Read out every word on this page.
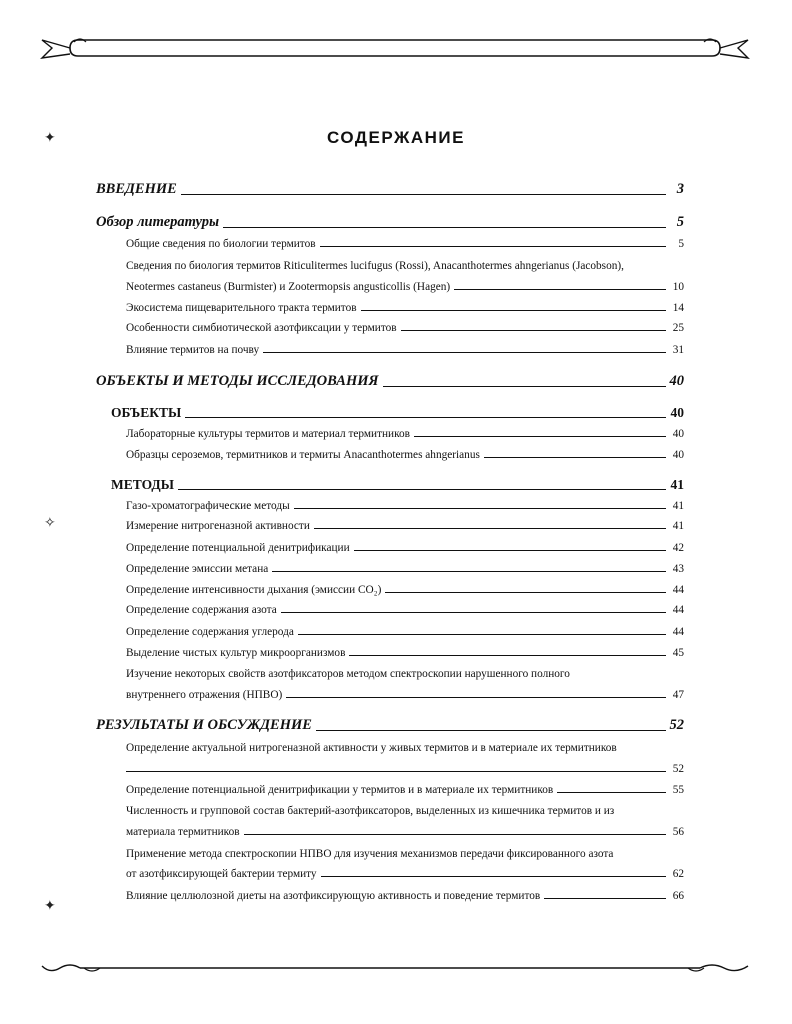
✦
✧
✦
СОДЕРЖАНИЕ
ВВЕДЕНИЕ	3
Обзор литературы	5
Общие сведения по биологии термитов	5
Сведения по биология термитов Riticulitermes lucifugus (Rossi), Anacanthotermes ahngerianus (Jacobson),
Neotermes castaneus (Burmister) и Zootermopsis angusticollis (Hagen)	10
Экосистема пищеварительного тракта термитов	14
Особенности симбиотической азотфиксации у термитов	25
Влияние термитов на почву	31
ОБЪЕКТЫ И МЕТОДЫ ИССЛЕДОВАНИЯ	40
ОБЪЕКТЫ	40
Лабораторные культуры термитов и материал термитников	40
Образцы сероземов, термитников и термиты Anacanthotermes ahngerianus	40
МЕТОДЫ	41
Газо-хроматографические методы	41
Измерение нитрогеназной активности	41
Определение потенциальной денитрификации	42
Определение эмиссии метана	43
Определение интенсивности дыхания (эмиссии CO₂)	44
Определение содержания азота	44
Определение содержания углерода	44
Выделение чистых культур микроорганизмов	45
Изучение некоторых свойств азотфиксаторов методом спектроскопии нарушенного полного
внутреннего отражения (НПВО)	47
РЕЗУЛЬТАТЫ И ОБСУЖДЕНИЕ	52
Определение актуальной нитрогеназной активности у живых термитов и в материале их термитников
52
Определение потенциальной денитрификации у термитов и в материале их термитников	55
Численность и групповой состав бактерий-азотфиксаторов, выделенных из кишечника термитов и из
материала термитников	56
Применение метода спектроскопии НПВО для изучения механизмов передачи фиксированного азота
от азотфиксирующей бактерии термиту	62
Влияние целлюлозной диеты на азотфиксирующую активность и поведение термитов	66
